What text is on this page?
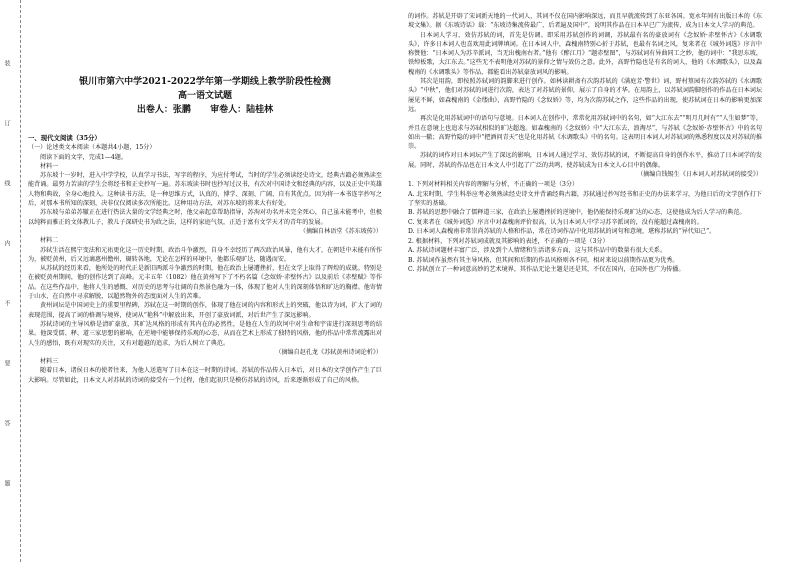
装
订
线
内
不
要
答
题
银川市第六中学2021-2022学年第一学期线上教学阶段性检测
高一语文试题
出卷人：张鹏 审卷人：陆桂林

一、现代文阅读（35分）

（一）论述类文本阅读（本题共4小题，15分）

阅读下面的文字，完成1—4题。

材料一

苏东坡十一岁时，进入中学学校，认真学习书法、写字的程序，为应付考试，当时的学生必须读经史诗文，经典古籍必须熟读至能背诵。最努力苦读的学生会将经书和正史抄写一遍。苏东坡读书时也抄写过汉书，有次对中国诗文和经典的内容，以及正史中英雄人物和典故，全身心地投入。这种读书方法，是一种思维方式，认真的、博学、深刻、广阔、自有其优点。因为将一本书连字抄写之后，对那本书所知的深刻，决非仅仅阅读多次所能比。这种用功方法，对苏东坡的将来大有好处。

苏东坡与弟弟苏辙正在进行热法大量的文学经典之时，他父亲起草帮助指导，苏洵对功名并未完全死心，自己虽未能考中，但极以纯粹而雅正的文体教儿子，教儿子深研史书为政之法，这样的家庭气氛，正适于富有文学天才的青年的发展。

（摘编自林语堂《苏东坡传》）

材料二

苏轼生活在熙宁变法和元祐更化这一历史时期，政治斗争激烈，自身不幸经历了两次政治风暴，他有大才，在朝廷中未能有所作为，被贬黄州，后又远谪惠州儋州，辗转各地，无论在怎样的环境中，他都乐观旷达，随遇而安。

从苏轼的经历来看，他所处的时代正是新旧两派斗争激烈的时期，他在政治上屡遭挫折，但在文学上取得了辉煌的成就。特别是在被贬黄州期间，他的创作达到了高峰。元丰五年（1082）他在黄州写下了不朽名篇《念奴娇·赤壁怀古》以及前后《赤壁赋》等作品。在这些作品中，他将人生的感慨、对历史的思考与壮阔的自然景色融为一体，体现了他对人生的深刻体悟和旷达的胸襟。他寄情于山水，在自然中寻求解脱，以超然物外的态度面对人生的苦难。

黄州词坛是中国词史上的重要里程碑，苏轼在这一时期的创作，体现了他在词的内容和形式上的突破，他以诗为词，扩大了词的表现范围，提高了词的格调与境界，使词从“艳科”中解放出来，开创了豪放词派，对后世产生了深远影响。

苏轼诗词的主导风格是清旷豪放，其旷达风格的形成有其内在的必然性，是他在人生的坎坷中对生命和宇宙进行深刻思考的结果。他深受儒、释、道三家思想的影响，在逆境中能够保持乐观的心态，从而在艺术上形成了独特的风格，他的作品中常常流露出对人生的感悟，既有对现实的关注，又有对超越的追求，为后人树立了典范。

（摘编自赵孔龙《苏轼黄州诗词论析》）

材料三

随着日本，诸侯日本的使者往来，为他人送遣写了日本在这一时期的诗词。苏轼的作品传入日本后，对日本的文学创作产生了巨大影响。尽管如此，日本文人对苏轼的诗词的接受有一个过程，他们起初只是模仿苏轼的诗风，后来逐渐形成了自己的风格。

的词作。苏轼是开辟了宋词新天地的一代词人，其词不仅在国内影响深远，而且早就流传到了东亚各国。宽永年间有出版日本的《东坡文集》。据《东坡诗话》载：“东坡诗集流传最广，后者遍及国中”，说明其作品在日本早已广为流传，成为日本文人学习的典范。

日本词人学习、效仿苏轼的词，首先是仿调。即采用苏轼创作的词调，苏轼最有名的豪放词有《念奴娇·赤壁怀古》《水调歌头》，许多日本词人也喜欢用此词牌填词。在日本词人中，森槐南特别心折于苏轼，也最有名词之风，复来者在《城外词选》序言中称赞他：“日本词人为苏辛派词，当无出槐南右者。”他有《醉江月》“题赤壁图”，与苏轼词有异曲同工之妙，他的词中：“我思东坡，铁绰板歌，大江东去。”这些无不表明他对苏轼的景仰之情与效仿之意。此外，高野竹隐也是有名的词人，他的《水调歌头》，以及森槐南的《水调歌头》等作品，都能看出苏轼豪放词风的影响。

其次是用韵，即按照苏轼词的韵脚来进行创作。如林读耕斋有次韵苏轼的《满庭芳·警世》词，野村篁园有次韵苏轼的《水调歌头》“中秋”，他们对苏轼的词进行次韵，表达了对苏轼的景仰，展示了自身的才华。在用韵上，以苏轼词韵脚创作的作品在日本词坛屡见不鲜，如森槐南的《金缕曲》，高野竹隐的《念奴娇》等，均为次韵苏轼之作，这些作品的出现，使苏轼词在日本的影响更加深远。

再次是化用苏轼词中的语句与意境。日本词人在创作中，常常化用苏轼词中的名句，如“大江东去”“明月几时有”“人生如梦”等，并且在意境上也追求与苏轼相似的旷达超逸。如森槐南的《念奴娇》中“大江东去，浪淘尽”，与苏轼《念奴娇·赤壁怀古》中的名句如出一辙；高野竹隐的词中“把酒问青天”也是化用苏轼《水调歌头》中的名句。这表明日本词人对苏轼词的熟悉程度以及对苏轼的推崇。

苏轼的词作对日本词坛产生了深远的影响，日本词人通过学习、效仿苏轼的词，不断提高自身的创作水平，推动了日本词学的发展。同时，苏轼的作品也在日本文人中引起了广泛的共鸣，使苏轼成为日本文人心目中的偶像。

（摘编自钱锡生《日本词人对苏轼词的接受》）

1. 下列对材料相关内容的理解与分析，不正确的一项是（3分）

A. 北宋时期，学生科举应考必须熟读经史诗文并背诵经典古籍，苏轼通过抄写经书和正史的办法来学习，为他日后的文学创作打下了坚实的基础。

B. 苏轼的思想中融合了儒释道三家，在政治上屡遭挫折的逆境中，他仍能保持乐观旷达的心态，这使他成为后人学习的典范。

C. 复来者在《城外词选》序言中对森槐南评价很高，认为日本词人中学习苏辛派词的，没有能超过森槐南的。

D. 日本词人森槐南非常崇尚苏轼的人格和作品，常在诗词作品中化用苏轼的词句和意境，堪称苏轼的“异代知己”。

2. 根据材料，下列对苏轼词成就及其影响的表述，不正确的一项是（3分）

A. 苏轼诗词题材丰富广泛，涉及到个人情绪和生活诸多方面，这与其作品中的数量有很大关系。

B. 苏轼词作虽然有其主导风格，但其间和后期的作品风格则各不同，相对来说以前期作品更为优秀。

C. 苏轼创立了一种词意高妙的艺术境界，其作品无论主题是还是其，不仅在国内，在国外也广为传播。
